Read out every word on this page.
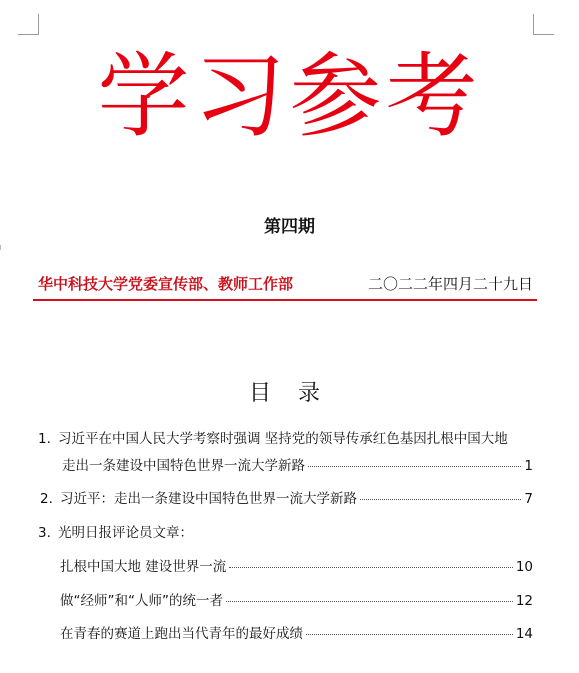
学习参考
第四期
华中科技大学党委宣传部、教师工作部	二〇二二年四月二十九日
目 录
1. 习近平在中国人民大学考察时强调 坚持党的领导传承红色基因扎根中国大地
走出一条建设中国特色世界一流大学新路	1
2. 习近平：走出一条建设中国特色世界一流大学新路	7
3. 光明日报评论员文章：
扎根中国大地 建设世界一流	10
做“经师”和“人师”的统一者	12
在青春的赛道上跑出当代青年的最好成绩	14
